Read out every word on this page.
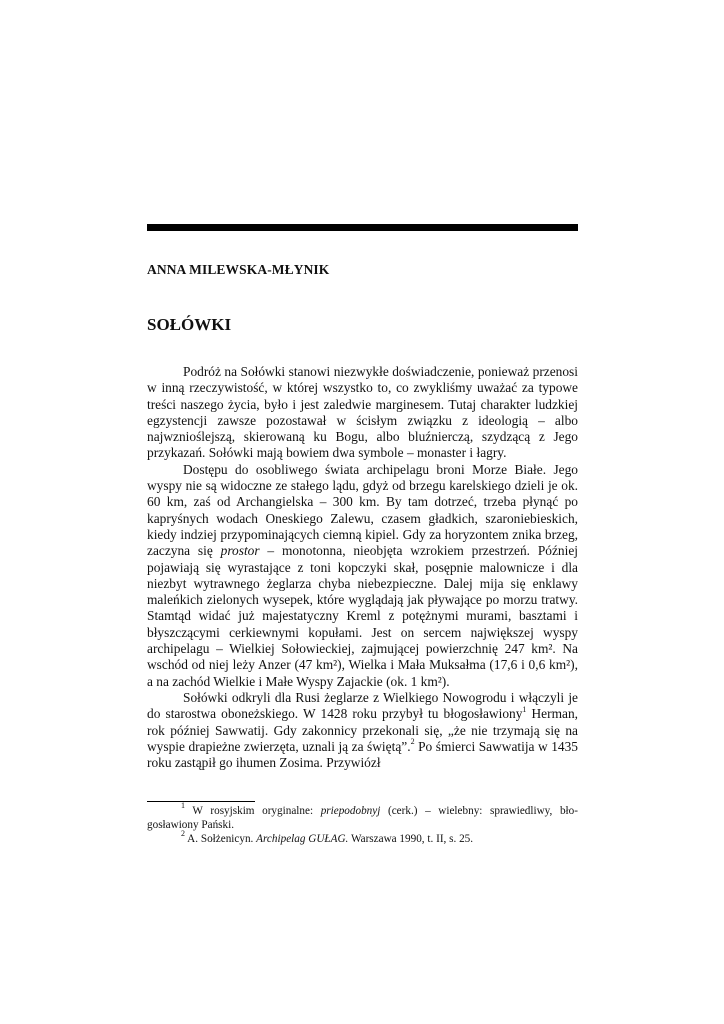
ANNA MILEWSKA-MŁYNIK
SOŁÓWKI

Podróż na Sołówki stanowi niezwykłe doświadczenie, ponieważ przenosi w inną rzeczywistość, w której wszystko to, co zwykliśmy uważać za typowe treści naszego życia, było i jest zaledwie marginesem. Tutaj charakter ludzkiej egzystencji zawsze pozostawał w ścisłym związku z ideologią – albo najwznioślejszą, skierowaną ku Bogu, albo bluźnierczą, szydzącą z Jego przykazań. Sołówki mają bowiem dwa symbole – monaster i łagry.

Dostępu do osobliwego świata archipelagu broni Morze Białe. Jego wyspy nie są widoczne ze stałego lądu, gdyż od brzegu karelskiego dzieli je ok. 60 km, zaś od Archangielska – 300 km. By tam dotrzeć, trzeba płynąć po kapryśnych wodach Oneskiego Zalewu, czasem gładkich, szaroniebieskich, kiedy indziej przypominających ciemną kipiel. Gdy za horyzontem znika brzeg, zaczyna się prostor – monotonna, nieobjęta wzrokiem przestrzeń. Później pojawiają się wyrastające z toni kopczyki skał, posępnie malownicze i dla niezbyt wytrawnego żeglarza chyba niebezpieczne. Dalej mija się enklawy maleńkich zielonych wysepek, które wyglądają jak pływające po morzu tratwy. Stamtąd widać już majestatyczny Kreml z potężnymi murami, basztami i błyszczącymi cerkiewnymi kopułami. Jest on sercem największej wyspy archipelagu – Wielkiej Sołowieckiej, zajmującej powierzchnię 247 km². Na wschód od niej leży Anzer (47 km²), Wielka i Mała Muksałma (17,6 i 0,6 km²), a na zachód Wielkie i Małe Wyspy Zajackie (ok. 1 km²).

Sołówki odkryli dla Rusi żeglarze z Wielkiego Nowogrodu i włączyli je do starostwa oboneżskiego. W 1428 roku przybył tu błogosławiony$^1$ Herman, rok później Sawwatij. Gdy zakonnicy przekonali się, „że nie trzymają się na wyspie drapieżne zwierzęta, uznali ją za świętą”.$^2$ Po śmierci Sawwatija w 1435 roku zastąpił go ihumen Zosima. Przywiózł

$^1$ W rosyjskim oryginalne: priepodobnyj (cerk.) – wielebny: sprawiedliwy, błogosławiony Pański.

$^2$ A. Sołżenicyn. Archipelag GUŁAG. Warszawa 1990, t. II, s. 25.
